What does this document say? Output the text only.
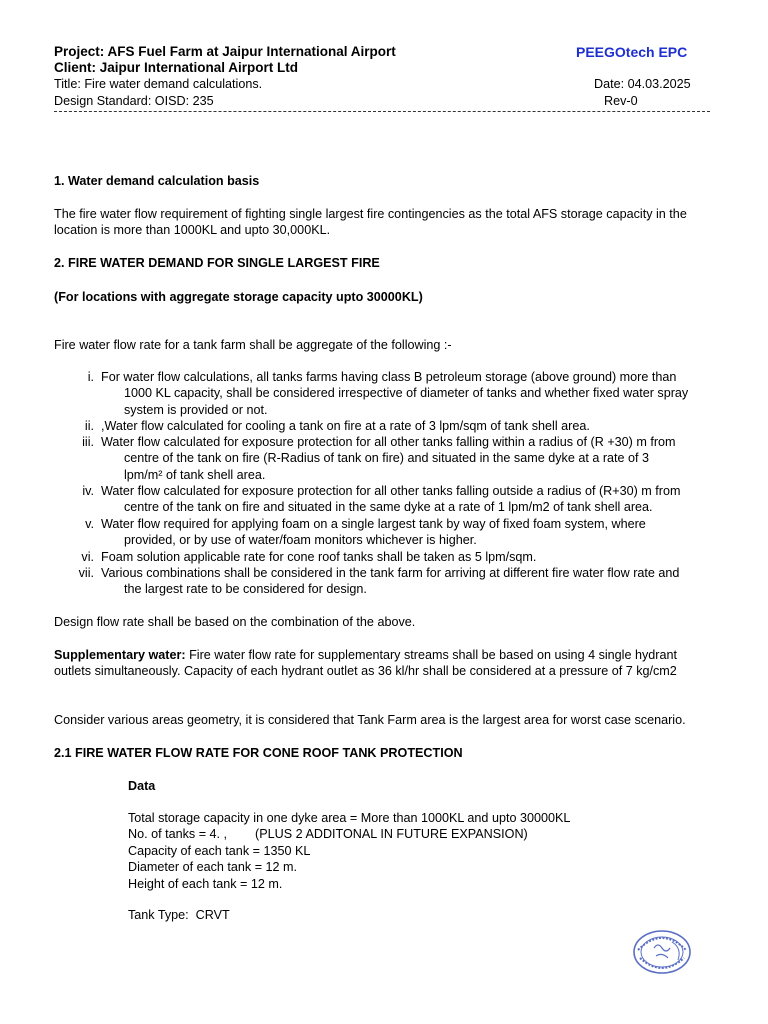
Project: AFS Fuel Farm at Jaipur International Airport	PEEGOtech EPC
Client: Jaipur International Airport Ltd
Title: Fire water demand calculations.	Date: 04.03.2025
Design Standard: OISD: 235	Rev-0
1. Water demand calculation basis
The fire water flow requirement of fighting single largest fire contingencies as the total AFS storage capacity in the
location is more than 1000KL and upto 30,000KL.
2. FIRE WATER DEMAND FOR SINGLE LARGEST FIRE
(For locations with aggregate storage capacity upto 30000KL)
Fire water flow rate for a tank farm shall be aggregate of the following :-
i. For water flow calculations, all tanks farms having class B petroleum storage (above ground) more than
1000 KL capacity, shall be considered irrespective of diameter of tanks and whether fixed water spray
system is provided or not.
ii. ,Water flow calculated for cooling a tank on fire at a rate of 3 lpm/sqm of tank shell area.
iii. Water flow calculated for exposure protection for all other tanks falling within a radius of (R +30) m from
centre of the tank on fire (R-Radius of tank on fire) and situated in the same dyke at a rate of 3
lpm/m² of tank shell area.
iv. Water flow calculated for exposure protection for all other tanks falling outside a radius of (R+30) m from
centre of the tank on fire and situated in the same dyke at a rate of 1 lpm/m2 of tank shell area.
v. Water flow required for applying foam on a single largest tank by way of fixed foam system, where
provided, or by use of water/foam monitors whichever is higher.
vi. Foam solution applicable rate for cone roof tanks shall be taken as 5 lpm/sqm.
vii. Various combinations shall be considered in the tank farm for arriving at different fire water flow rate and
the largest rate to be considered for design.
Design flow rate shall be based on the combination of the above.
Supplementary water: Fire water flow rate for supplementary streams shall be based on using 4 single hydrant
outlets simultaneously. Capacity of each hydrant outlet as 36 kl/hr shall be considered at a pressure of 7 kg/cm2
Consider various areas geometry, it is considered that Tank Farm area is the largest area for worst case scenario.
2.1 FIRE WATER FLOW RATE FOR CONE ROOF TANK PROTECTION
Data
Total storage capacity in one dyke area = More than 1000KL and upto 30000KL
No. of tanks = 4. ,        (PLUS 2 ADDITONAL IN FUTURE EXPANSION)
Capacity of each tank = 1350 KL
Diameter of each tank = 12 m.
Height of each tank = 12 m.
Tank Type:  CRVT
